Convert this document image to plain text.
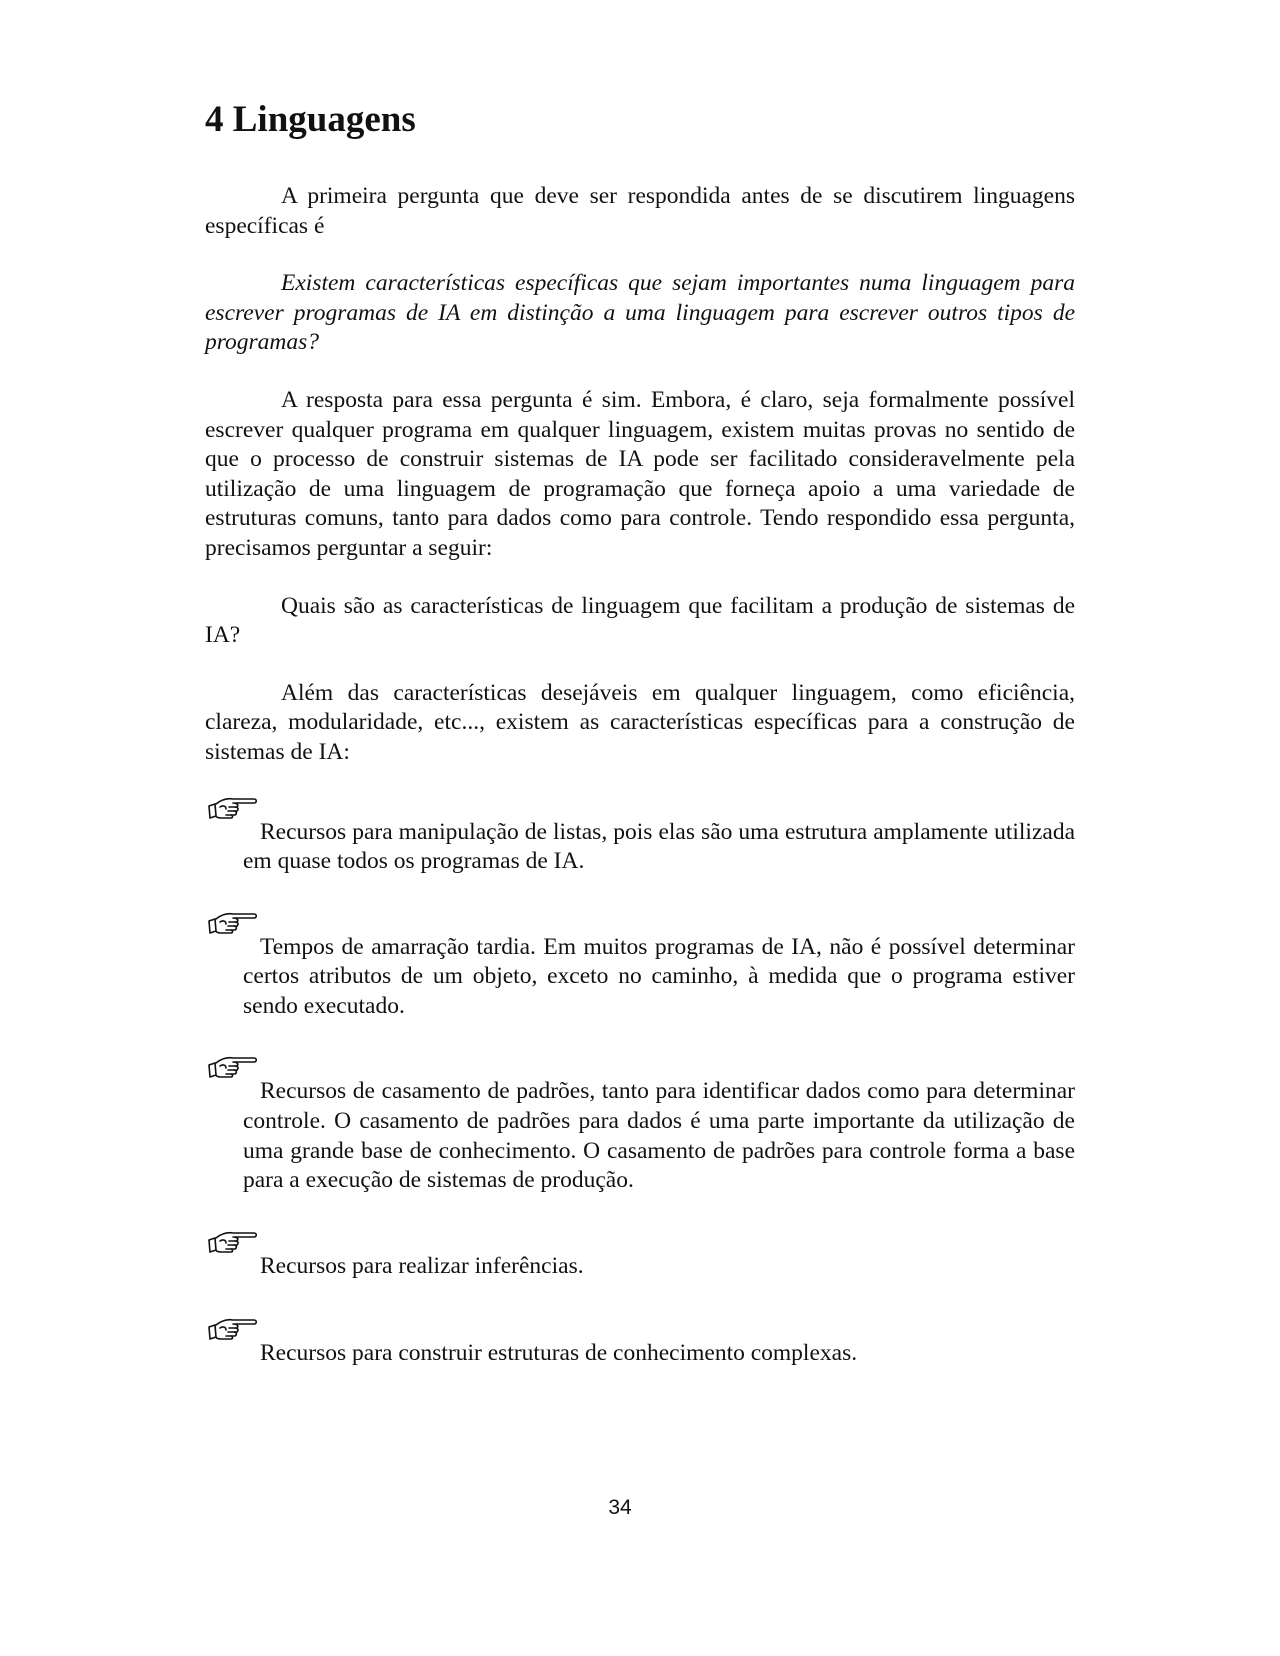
4 Linguagens

A primeira pergunta que deve ser respondida antes de se discutirem linguagens específicas é

Existem características específicas que sejam importantes numa linguagem para escrever programas de IA em distinção a uma linguagem para escrever outros tipos de programas?

A resposta para essa pergunta é sim. Embora, é claro, seja formalmente possível escrever qualquer programa em qualquer linguagem, existem muitas provas no sentido de que o processo de construir sistemas de IA pode ser facilitado consideravelmente pela utilização de uma linguagem de programação que forneça apoio a uma variedade de estruturas comuns, tanto para dados como para controle. Tendo respondido essa pergunta, precisamos perguntar a seguir:

Quais são as características de linguagem que facilitam a produção de sistemas de IA?

Além das características desejáveis em qualquer linguagem, como eficiência, clareza, modularidade, etc..., existem as características específicas para a construção de sistemas de IA:

Recursos para manipulação de listas, pois elas são uma estrutura amplamente utilizada em quase todos os programas de IA.
Tempos de amarração tardia. Em muitos programas de IA, não é possível determinar certos atributos de um objeto, exceto no caminho, à medida que o programa estiver sendo executado.
Recursos de casamento de padrões, tanto para identificar dados como para determinar controle. O casamento de padrões para dados é uma parte importante da utilização de uma grande base de conhecimento. O casamento de padrões para controle forma a base para a execução de sistemas de produção.
Recursos para realizar inferências.
Recursos para construir estruturas de conhecimento complexas.
34
